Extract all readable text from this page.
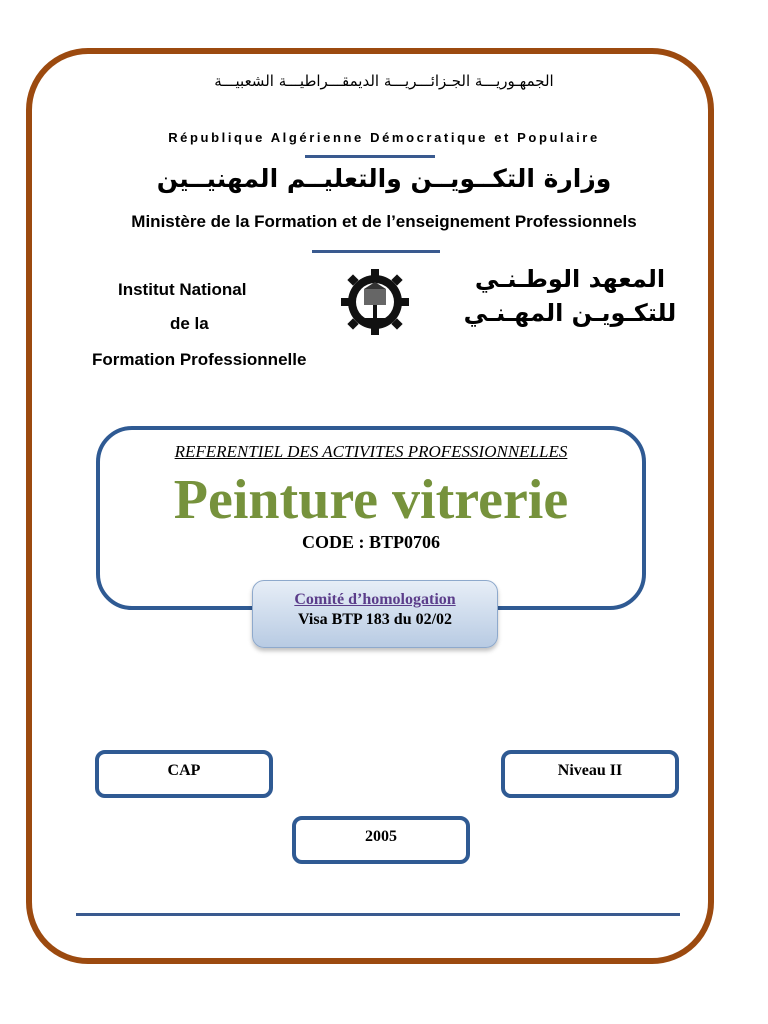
الجمهـوريـــة الجـزائـــريـــة الديمقـــراطيـــة الشعبيـــة
République Algérienne Démocratique et Populaire
وزارة التكــويــن والتعليــم المهنيــين
Ministère de la Formation et de l’enseignement Professionnels
Institut National
de la
Formation Professionnelle
المعهد الوطـنـي
للتكـويـن المهـنـي
REFERENTIEL DES ACTIVITES PROFESSIONNELLES
Peinture vitrerie
CODE : BTP0706
Comité d’homologation
Visa BTP 183 du 02/02
CAP	Niveau II
2005
